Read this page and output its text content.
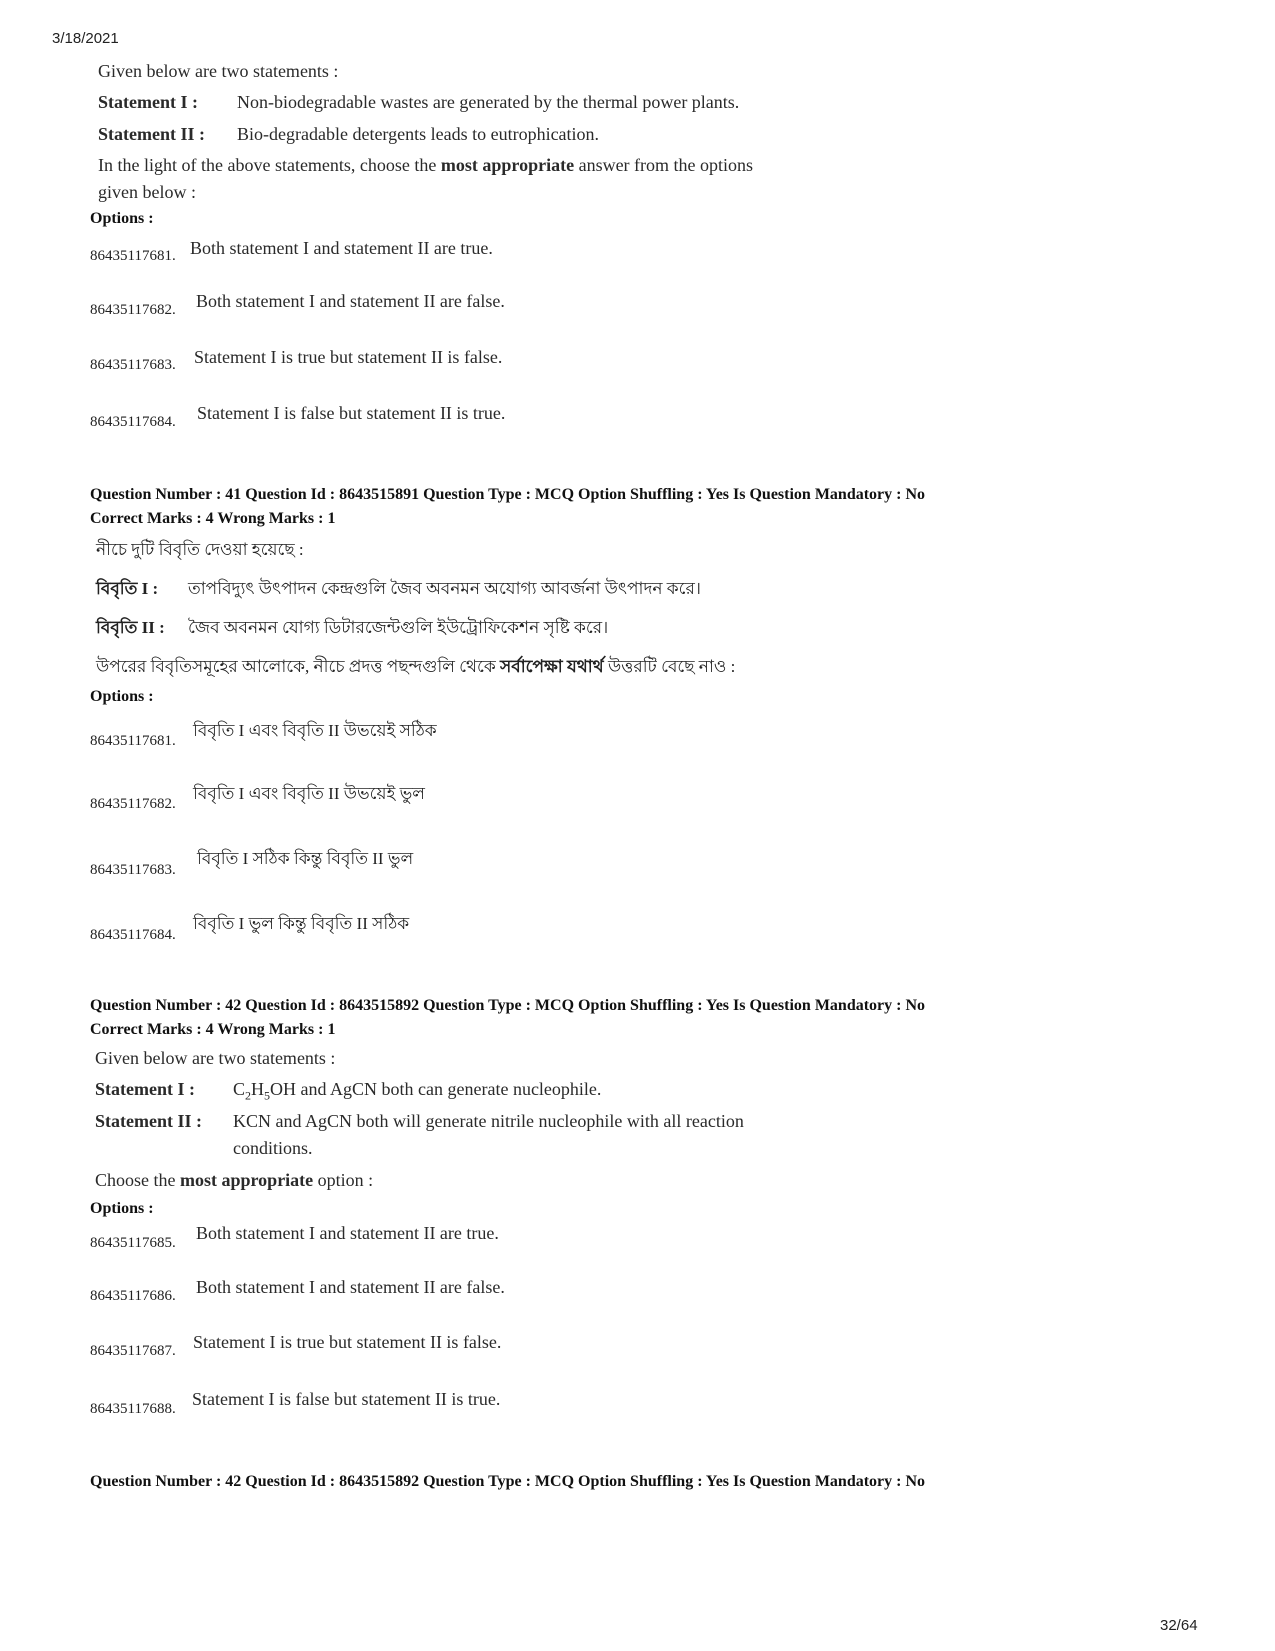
3/18/2021
32/64
Given below are two statements :
Statement I : Non-biodegradable wastes are generated by the thermal power plants.
Statement II : Bio-degradable detergents leads to eutrophication.
In the light of the above statements, choose the most appropriate answer from the options
given below :
Options :
86435117681. Both statement I and statement II are true.
86435117682. Both statement I and statement II are false.
86435117683. Statement I is true but statement II is false.
86435117684. Statement I is false but statement II is true.
Question Number : 41 Question Id : 8643515891 Question Type : MCQ Option Shuffling : Yes Is Question Mandatory : No
Correct Marks : 4 Wrong Marks : 1
নীচে দুটি বিবৃতি দেওয়া হয়েছে :
বিবৃতি I : তাপবিদ্যুৎ উৎপাদন কেন্দ্রগুলি জৈব অবনমন অযোগ্য আবর্জনা উৎপাদন করে।
বিবৃতি II : জৈব অবনমন যোগ্য ডিটারজেন্টগুলি ইউট্রোফিকেশন সৃষ্টি করে।
উপরের বিবৃতিসমূহের আলোকে, নীচে প্রদত্ত পছন্দগুলি থেকে সর্বাপেক্ষা যথার্থ উত্তরটি বেছে নাও :
Options :
86435117681.
বিবৃতি I এবং বিবৃতি II উভয়েই সঠিক
86435117682.
বিবৃতি I এবং বিবৃতি II উভয়েই ভুল
86435117683.
বিবৃতি I সঠিক কিন্তু বিবৃতি II ভুল
86435117684.
বিবৃতি I ভুল কিন্তু বিবৃতি II সঠিক
Question Number : 42 Question Id : 8643515892 Question Type : MCQ Option Shuffling : Yes Is Question Mandatory : No
Correct Marks : 4 Wrong Marks : 1
Given below are two statements :
Statement I : $C_2H_5OH$ and AgCN both can generate nucleophile.
Statement II : KCN and AgCN both will generate nitrile nucleophile with all reaction
conditions.
Choose the most appropriate option :
Options :
86435117685. Both statement I and statement II are true.
86435117686. Both statement I and statement II are false.
86435117687. Statement I is true but statement II is false.
86435117688. Statement I is false but statement II is true.
Question Number : 42 Question Id : 8643515892 Question Type : MCQ Option Shuffling : Yes Is Question Mandatory : No
